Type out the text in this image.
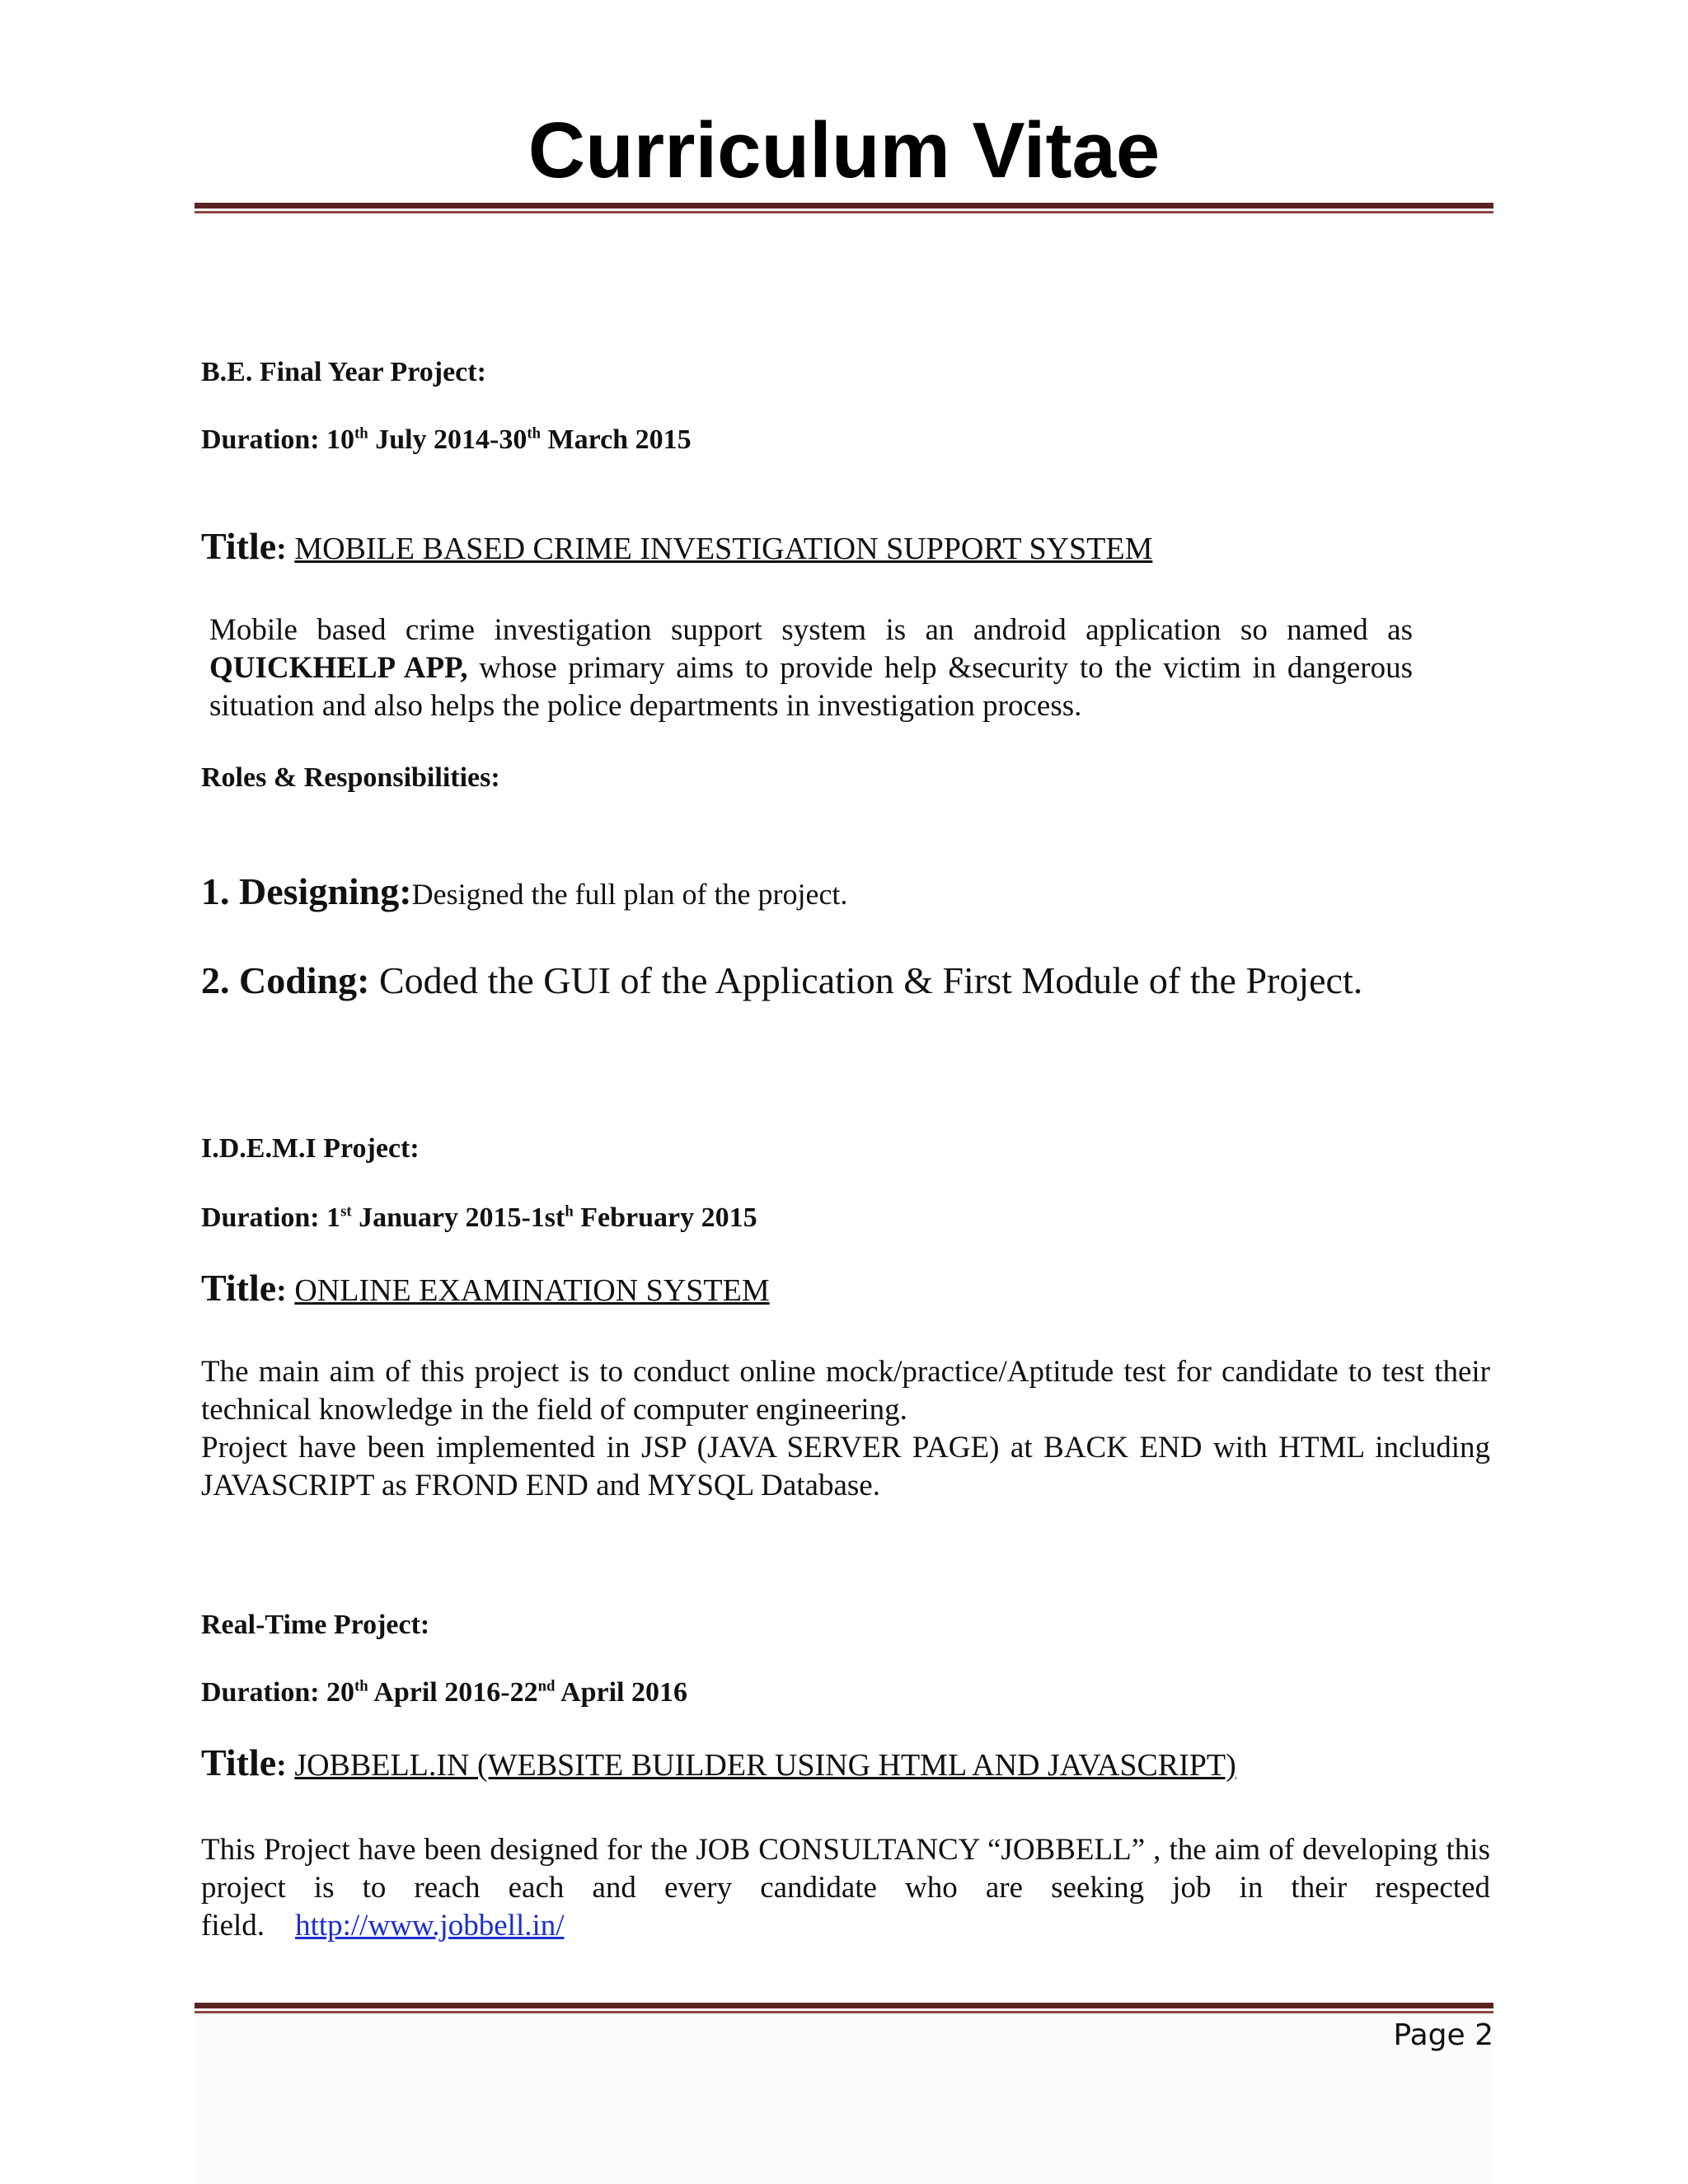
Curriculum Vitae
B.E. Final Year Project:
Duration: 10th July 2014-30th March 2015
Title: MOBILE BASED CRIME INVESTIGATION SUPPORT SYSTEM
Mobile based crime investigation support system is an android application so named as QUICKHELP APP, whose primary aims to provide help &security to the victim in dangerous situation and also helps the police departments in investigation process.
Roles & Responsibilities:
1. Designing:Designed the full plan of the project.
2. Coding: Coded the GUI of the Application & First Module of the Project.
I.D.E.M.I Project:
Duration: 1st January $2015-1st^h$ February 2015
Title: ONLINE EXAMINATION SYSTEM
The main aim of this project is to conduct online mock/practice/Aptitude test for candidate to test their technical knowledge in the field of computer engineering.
Project have been implemented in JSP (JAVA SERVER PAGE) at BACK END with HTML including JAVASCRIPT as FROND END and MYSQL Database.
Real-Time Project:
Duration: 20th April 2016-22nd April 2016
Title: JOBBELL.IN (WEBSITE BUILDER USING HTML AND JAVASCRIPT)
This Project have been designed for the JOB CONSULTANCY “JOBBELL” , the aim of developing this project is to reach each and every candidate who are seeking job in their respected field. http://www.jobbell.in/
Page 2
